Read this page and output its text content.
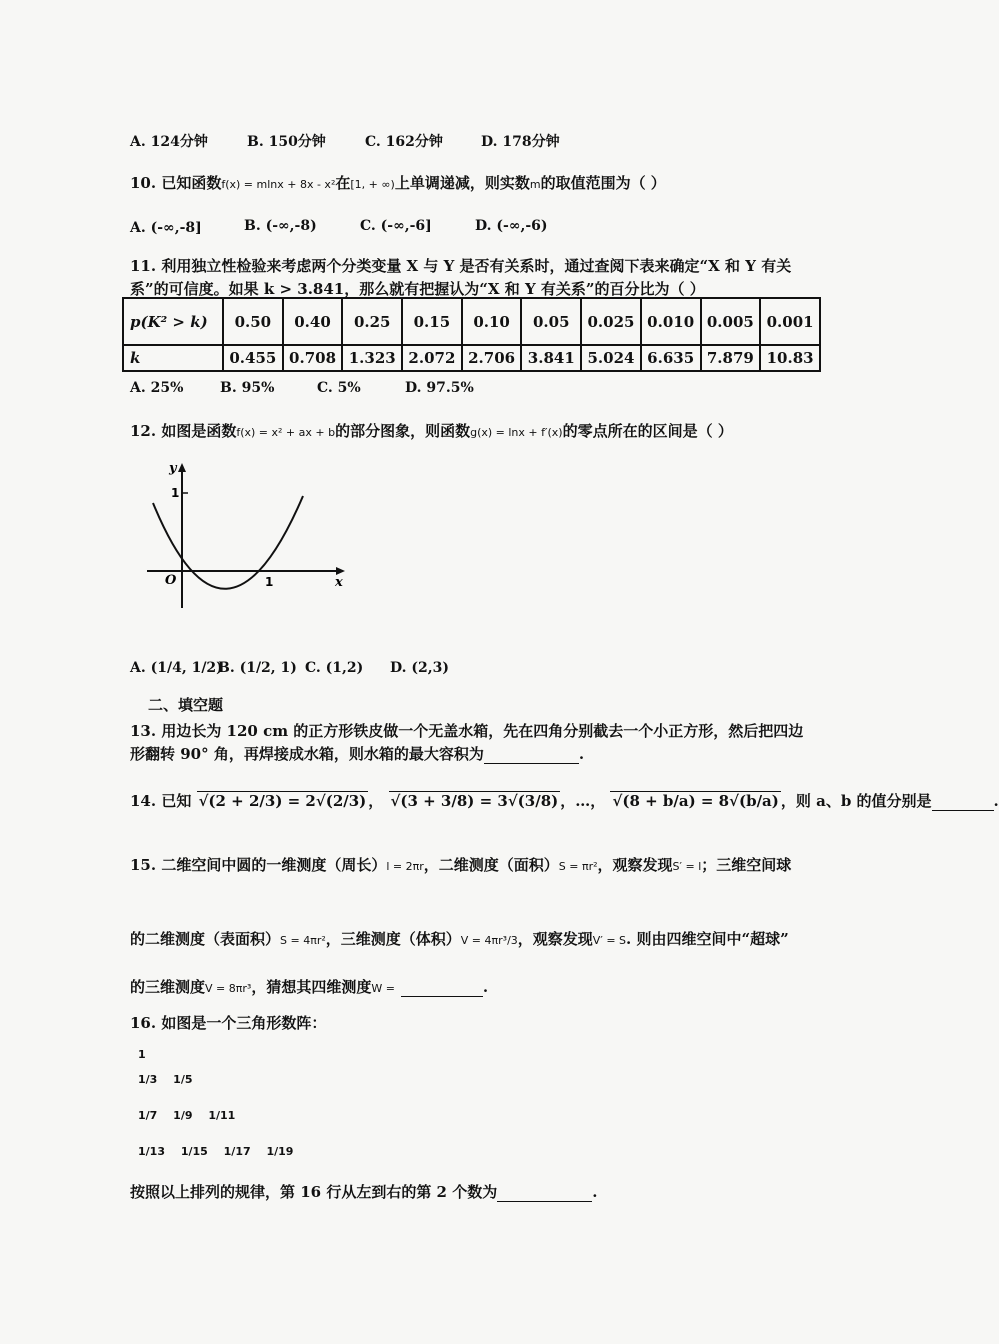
A. 124分钟	B. 150分钟	C. 162分钟	D. 178分钟
10. 已知函数f(x) = mlnx + 8x - x²在[1, + ∞)上单调递减，则实数m的取值范围为（ ）
A. (-∞,-8]	B. (-∞,-8)	C. (-∞,-6]	D. (-∞,-6)
11. 利用独立性检验来考虑两个分类变量 X 与 Y 是否有关系时，通过查阅下表来确定“X 和 Y 有关
系”的可信度。如果 k > 3.841，那么就有把握认为“X 和 Y 有关系”的百分比为（ ）
p(K² > k)	0.50	0.40	0.25	0.15	0.10	0.05	0.025	0.010	0.005	0.001
k	0.455	0.708	1.323	2.072	2.706	3.841	5.024	6.635	7.879	10.83
A. 25%	B. 95%	C. 5%	D. 97.5%
12. 如图是函数f(x) = x² + ax + b的部分图象，则函数g(x) = lnx + f′(x)的零点所在的区间是（ ）
y
x
O
1
1
A. (1/4, 1/2)
B. (1/2, 1) C. (1,2) D. (2,3)
二、填空题
13. 用边长为 120 cm 的正方形铁皮做一个无盖水箱，先在四角分别截去一个小正方形，然后把四边
形翻转 90° 角，再焊接成水箱，则水箱的最大容积为	.
14. 已知 √(2 + 2/3) = 2√(2/3) ， √(3 + 3/8) = 3√(3/8) ，…， √(8 + b/a) = 8√(b/a) ，则 a、b 的值分别是	.
15. 二维空间中圆的一维测度（周长）l = 2πr，二维测度（面积）S = πr²，观察发现S′ = l；三维空间球
的二维测度（表面积）S = 4πr²，三维测度（体积）V = 4πr³/3，观察发现V′ = S. 则由四维空间中“超球”
的三维测度V = 8πr³，猜想其四维测度W =	.
16. 如图是一个三角形数阵：
1
1/3
1/5
1/7
1/9
1/11
1/13
1/15
1/17
1/19
按照以上排列的规律，第 16 行从左到右的第 2 个数为	.
